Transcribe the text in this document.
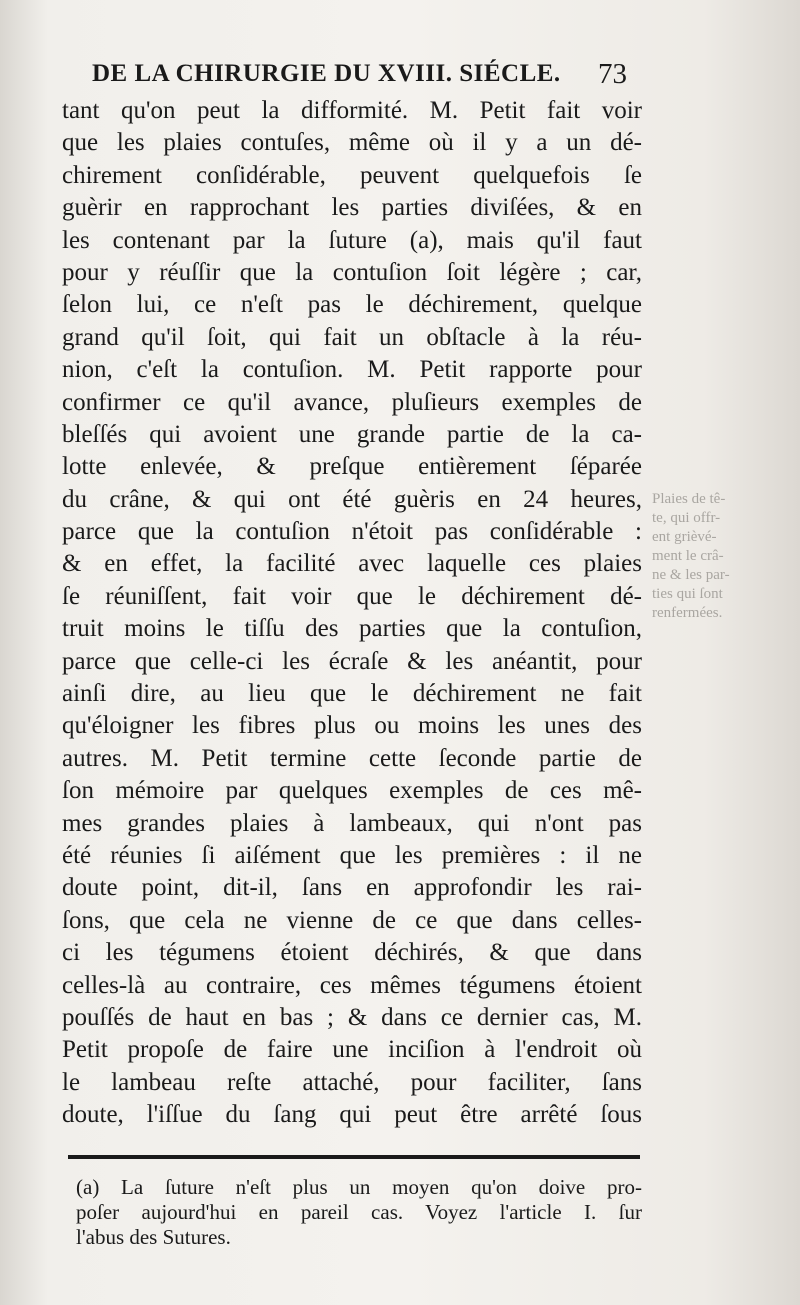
DE LA CHIRURGIE DU XVIII. SIÉCLE.	73
tant qu'on peut la difformité. M. Petit fait voir
que les plaies contuſes, même où il y a un dé-
chirement conſidérable, peuvent quelquefois ſe
guèrir en rapprochant les parties diviſées, & en
les contenant par la ſuture (a), mais qu'il faut
pour y réuſſir que la contuſion ſoit légère ; car,
ſelon lui, ce n'eſt pas le déchirement, quelque
grand qu'il ſoit, qui fait un obſtacle à la réu-
nion, c'eſt la contuſion. M. Petit rapporte pour
confirmer ce qu'il avance, pluſieurs exemples de
bleſſés qui avoient une grande partie de la ca-
lotte enlevée, & preſque entièrement ſéparée
du crâne, & qui ont été guèris en 24 heures,
parce que la contuſion n'étoit pas conſidérable :
& en effet, la facilité avec laquelle ces plaies
ſe réuniſſent, fait voir que le déchirement dé-
truit moins le tiſſu des parties que la contuſion,
parce que celle-ci les écraſe & les anéantit, pour
ainſi dire, au lieu que le déchirement ne fait
qu'éloigner les fibres plus ou moins les unes des
autres. M. Petit termine cette ſeconde partie de
ſon mémoire par quelques exemples de ces mê-
mes grandes plaies à lambeaux, qui n'ont pas
été réunies ſi aiſément que les premières : il ne
doute point, dit-il, ſans en approfondir les rai-
ſons, que cela ne vienne de ce que dans celles-
ci les tégumens étoient déchirés, & que dans
celles-là au contraire, ces mêmes tégumens étoient
pouſſés de haut en bas ; & dans ce dernier cas, M.
Petit propoſe de faire une inciſion à l'endroit où
le lambeau reſte attaché, pour faciliter, ſans
doute, l'iſſue du ſang qui peut être arrêté ſous
(a) La ſuture n'eſt plus un moyen qu'on doive pro-
poſer aujourd'hui en pareil cas. Voyez l'article I. ſur
l'abus des Sutures.
Plaies de tê-
te, qui offr-
ent grièvé-
ment le crâ-
ne & les par-
ties qui ſont
renfermées.
